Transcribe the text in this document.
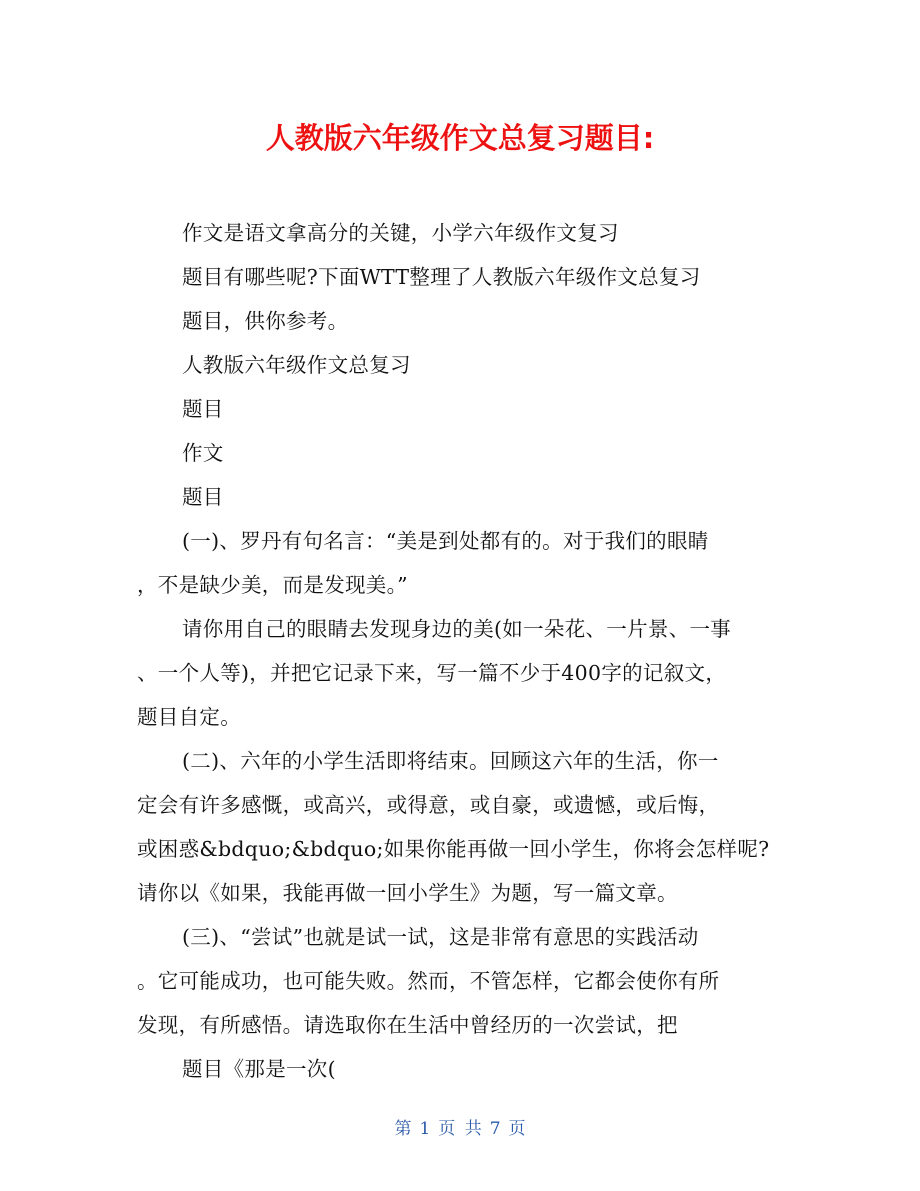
人教版六年级作文总复习题目:
作文是语文拿高分的关键，小学六年级作文复习
题目有哪些呢?下面WTT整理了人教版六年级作文总复习
题目，供你参考。
人教版六年级作文总复习
题目
作文
题目
(一)、罗丹有句名言：“美是到处都有的。对于我们的眼睛
，不是缺少美，而是发现美。”
请你用自己的眼睛去发现身边的美(如一朵花、一片景、一事
、一个人等)，并把它记录下来，写一篇不少于400字的记叙文，
题目自定。
(二)、六年的小学生活即将结束。回顾这六年的生活，你一
定会有许多感慨，或高兴，或得意，或自豪，或遗憾，或后悔，
或困惑&bdquo;&bdquo;如果你能再做一回小学生，你将会怎样呢?
请你以《如果，我能再做一回小学生》为题，写一篇文章。
(三)、“尝试”也就是试一试，这是非常有意思的实践活动
。它可能成功，也可能失败。然而，不管怎样，它都会使你有所
发现，有所感悟。请选取你在生活中曾经历的一次尝试，把
题目《那是一次(
第 1 页 共 7 页
